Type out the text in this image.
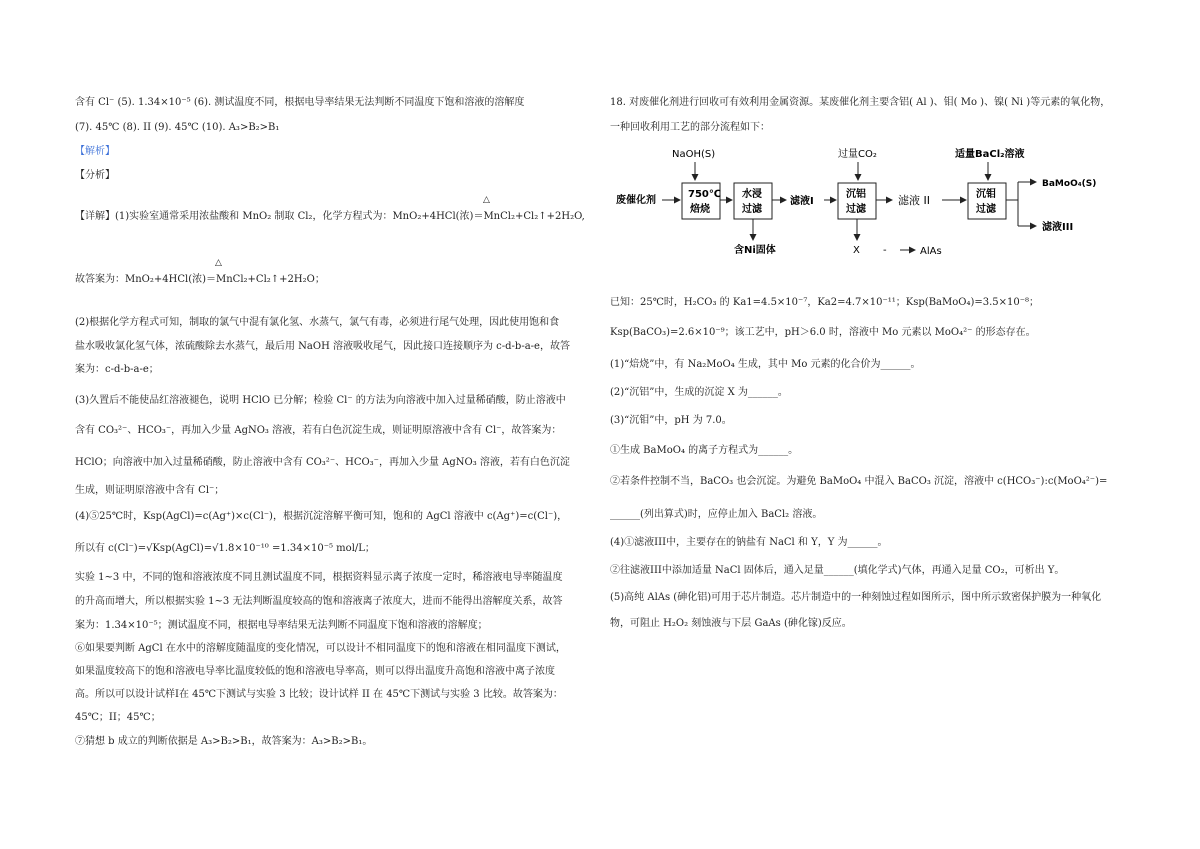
含有 Cl⁻ (5). 1.34×10⁻⁵ (6). 测试温度不同，根据电导率结果无法判断不同温度下饱和溶液的溶解度
(7). 45℃ (8). II (9). 45℃ (10). A₃>B₂>B₁
【解析】
【分析】
△
【详解】(1)实验室通常采用浓盐酸和 MnO₂ 制取 Cl₂，化学方程式为：MnO₂+4HCl(浓)＝MnCl₂+Cl₂↑+2H₂O,
△
故答案为：MnO₂+4HCl(浓)＝MnCl₂+Cl₂↑+2H₂O；
(2)根据化学方程式可知，制取的氯气中混有氯化氢、水蒸气，氯气有毒，必须进行尾气处理，因此使用饱和食
盐水吸收氯化氢气体，浓硫酸除去水蒸气，最后用 NaOH 溶液吸收尾气，因此接口连接顺序为 c-d-b-a-e，故答
案为：c-d-b-a-e；
(3)久置后不能使品红溶液褪色，说明 HClO 已分解；检验 Cl⁻ 的方法为向溶液中加入过量稀硝酸，防止溶液中
含有 CO₃²⁻、HCO₃⁻，再加入少量 AgNO₃ 溶液，若有白色沉淀生成，则证明原溶液中含有 Cl⁻，故答案为：
HClO；向溶液中加入过量稀硝酸，防止溶液中含有 CO₃²⁻、HCO₃⁻，再加入少量 AgNO₃ 溶液，若有白色沉淀
生成，则证明原溶液中含有 Cl⁻；
(4)⑤25℃时，Ksp(AgCl)=c(Ag⁺)×c(Cl⁻)，根据沉淀溶解平衡可知，饱和的 AgCl 溶液中 c(Ag⁺)=c(Cl⁻)，
所以有 c(Cl⁻)=√Ksp(AgCl)=√1.8×10⁻¹⁰ =1.34×10⁻⁵ mol/L；
实验 1~3 中，不同的饱和溶液浓度不同且测试温度不同，根据资料显示离子浓度一定时，稀溶液电导率随温度
的升高而增大，所以根据实验 1~3 无法判断温度较高的饱和溶液离子浓度大，进而不能得出溶解度关系，故答
案为：1.34×10⁻⁵；测试温度不同，根据电导率结果无法判断不同温度下饱和溶液的溶解度；
⑥如果要判断 AgCl 在水中的溶解度随温度的变化情况，可以设计不相同温度下的饱和溶液在相同温度下测试，
如果温度较高下的饱和溶液电导率比温度较低的饱和溶液电导率高，则可以得出温度升高饱和溶液中离子浓度
高。所以可以设计试样Ⅰ在 45℃下测试与实验 3 比较；设计试样 II 在 45℃下测试与实验 3 比较。故答案为：
45℃；II；45℃；
⑦猜想 b 成立的判断依据是 A₃>B₂>B₁，故答案为：A₃>B₂>B₁。
18. 对废催化剂进行回收可有效利用金属资源。某废催化剂主要含铝( Al )、钼( Mo )、镍( Ni )等元素的氧化物，
一种回收利用工艺的部分流程如下：
NaOH(S)	过量CO₂	适量BaCl₂溶液
废催化剂
750℃
焙烧
水浸
过滤
含Ni固体
滤液I
沉铝
过滤
X -	AlAs
滤液 II	沉钼
过滤
BaMoO₄(S)
滤液III
已知：25℃时，H₂CO₃ 的 Ka1=4.5×10⁻⁷，Ka2=4.7×10⁻¹¹；Ksp(BaMoO₄)=3.5×10⁻⁸；
Ksp(BaCO₃)=2.6×10⁻⁹；该工艺中，pH＞6.0 时，溶液中 Mo 元素以 MoO₄²⁻ 的形态存在。
(1)“焙烧”中，有 Na₂MoO₄ 生成，其中 Mo 元素的化合价为______。
(2)“沉铝”中，生成的沉淀 X 为______。
(3)“沉钼”中，pH 为 7.0。
①生成 BaMoO₄ 的离子方程式为______。
②若条件控制不当，BaCO₃ 也会沉淀。为避免 BaMoO₄ 中混入 BaCO₃ 沉淀，溶液中 c(HCO₃⁻):c(MoO₄²⁻)=
______(列出算式)时，应停止加入 BaCl₂ 溶液。
(4)①滤液III中，主要存在的钠盐有 NaCl 和 Y，Y 为______。
②往滤液III中添加适量 NaCl 固体后，通入足量______(填化学式)气体，再通入足量 CO₂，可析出 Y。
(5)高纯 AlAs (砷化铝)可用于芯片制造。芯片制造中的一种刻蚀过程如图所示，图中所示致密保护膜为一种氧化
物，可阻止 H₂O₂ 刻蚀液与下层 GaAs (砷化镓)反应。
